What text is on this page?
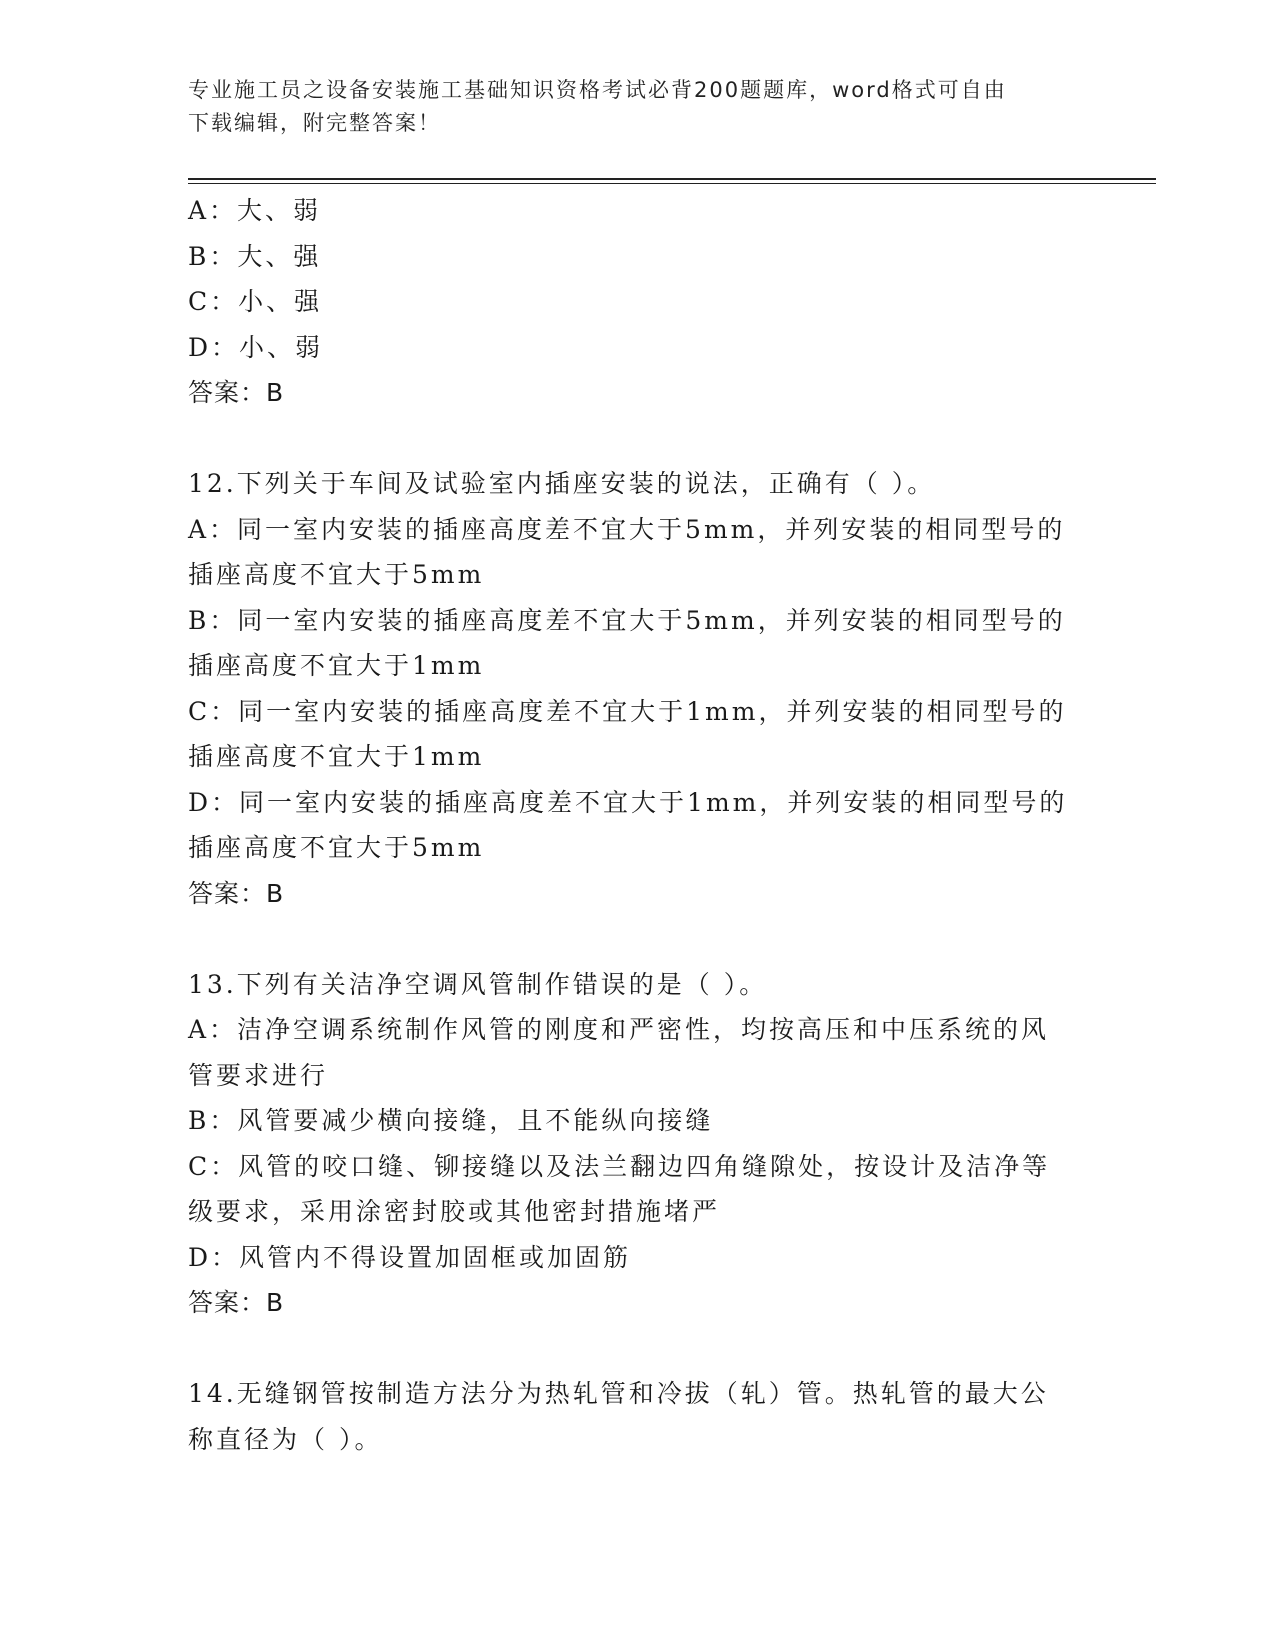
专业施工员之设备安装施工基础知识资格考试必背200题题库，word格式可自由
下载编辑，附完整答案！
A：大、弱
B：大、强
C：小、强
D：小、弱
答案：B
12.下列关于车间及试验室内插座安装的说法，正确有（ ）。
A：同一室内安装的插座高度差不宜大于5mm，并列安装的相同型号的
插座高度不宜大于5mm
B：同一室内安装的插座高度差不宜大于5mm，并列安装的相同型号的
插座高度不宜大于1mm
C：同一室内安装的插座高度差不宜大于1mm，并列安装的相同型号的
插座高度不宜大于1mm
D：同一室内安装的插座高度差不宜大于1mm，并列安装的相同型号的
插座高度不宜大于5mm
答案：B
13.下列有关洁净空调风管制作错误的是（ ）。
A：洁净空调系统制作风管的刚度和严密性，均按高压和中压系统的风
管要求进行
B：风管要减少横向接缝，且不能纵向接缝
C：风管的咬口缝、铆接缝以及法兰翻边四角缝隙处，按设计及洁净等
级要求，采用涂密封胶或其他密封措施堵严
D：风管内不得设置加固框或加固筋
答案：B
14.无缝钢管按制造方法分为热轧管和冷拔（轧）管。热轧管的最大公
称直径为（ ）。
